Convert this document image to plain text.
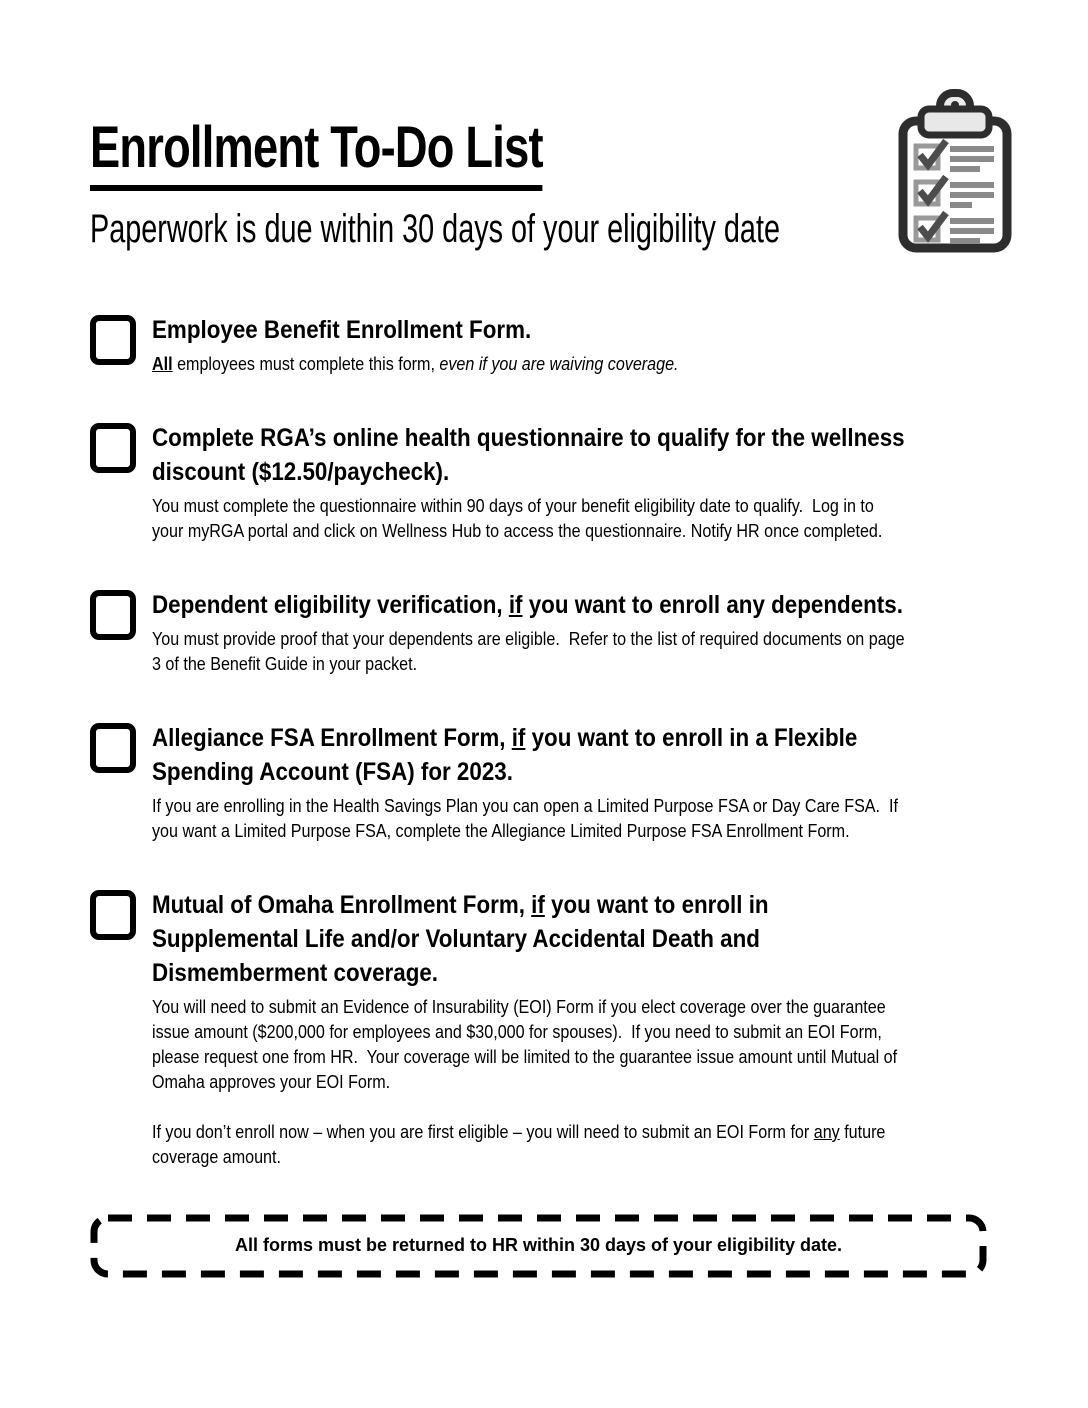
Enrollment To-Do List
Paperwork is due within 30 days of your eligibility date
Employee Benefit Enrollment Form.

All employees must complete this form, even if you are waiving coverage.

Complete RGA’s online health questionnaire to qualify for the wellness discount ($12.50/paycheck).

You must complete the questionnaire within 90 days of your benefit eligibility date to qualify.  Log in to your myRGA portal and click on Wellness Hub to access the questionnaire. Notify HR once completed.

Dependent eligibility verification, if you want to enroll any dependents.

You must provide proof that your dependents are eligible.  Refer to the list of required documents on page 3 of the Benefit Guide in your packet.

Allegiance FSA Enrollment Form, if you want to enroll in a Flexible Spending Account (FSA) for 2023.

If you are enrolling in the Health Savings Plan you can open a Limited Purpose FSA or Day Care FSA.  If you want a Limited Purpose FSA, complete the Allegiance Limited Purpose FSA Enrollment Form.

Mutual of Omaha Enrollment Form, if you want to enroll in Supplemental Life and/or Voluntary Accidental Death and Dismemberment coverage.

You will need to submit an Evidence of Insurability (EOI) Form if you elect coverage over the guarantee issue amount ($200,000 for employees and $30,000 for spouses).  If you need to submit an EOI Form, please request one from HR.  Your coverage will be limited to the guarantee issue amount until Mutual of Omaha approves your EOI Form.

If you don’t enroll now – when you are first eligible – you will need to submit an EOI Form for any future coverage amount.

All forms must be returned to HR within 30 days of your eligibility date.
